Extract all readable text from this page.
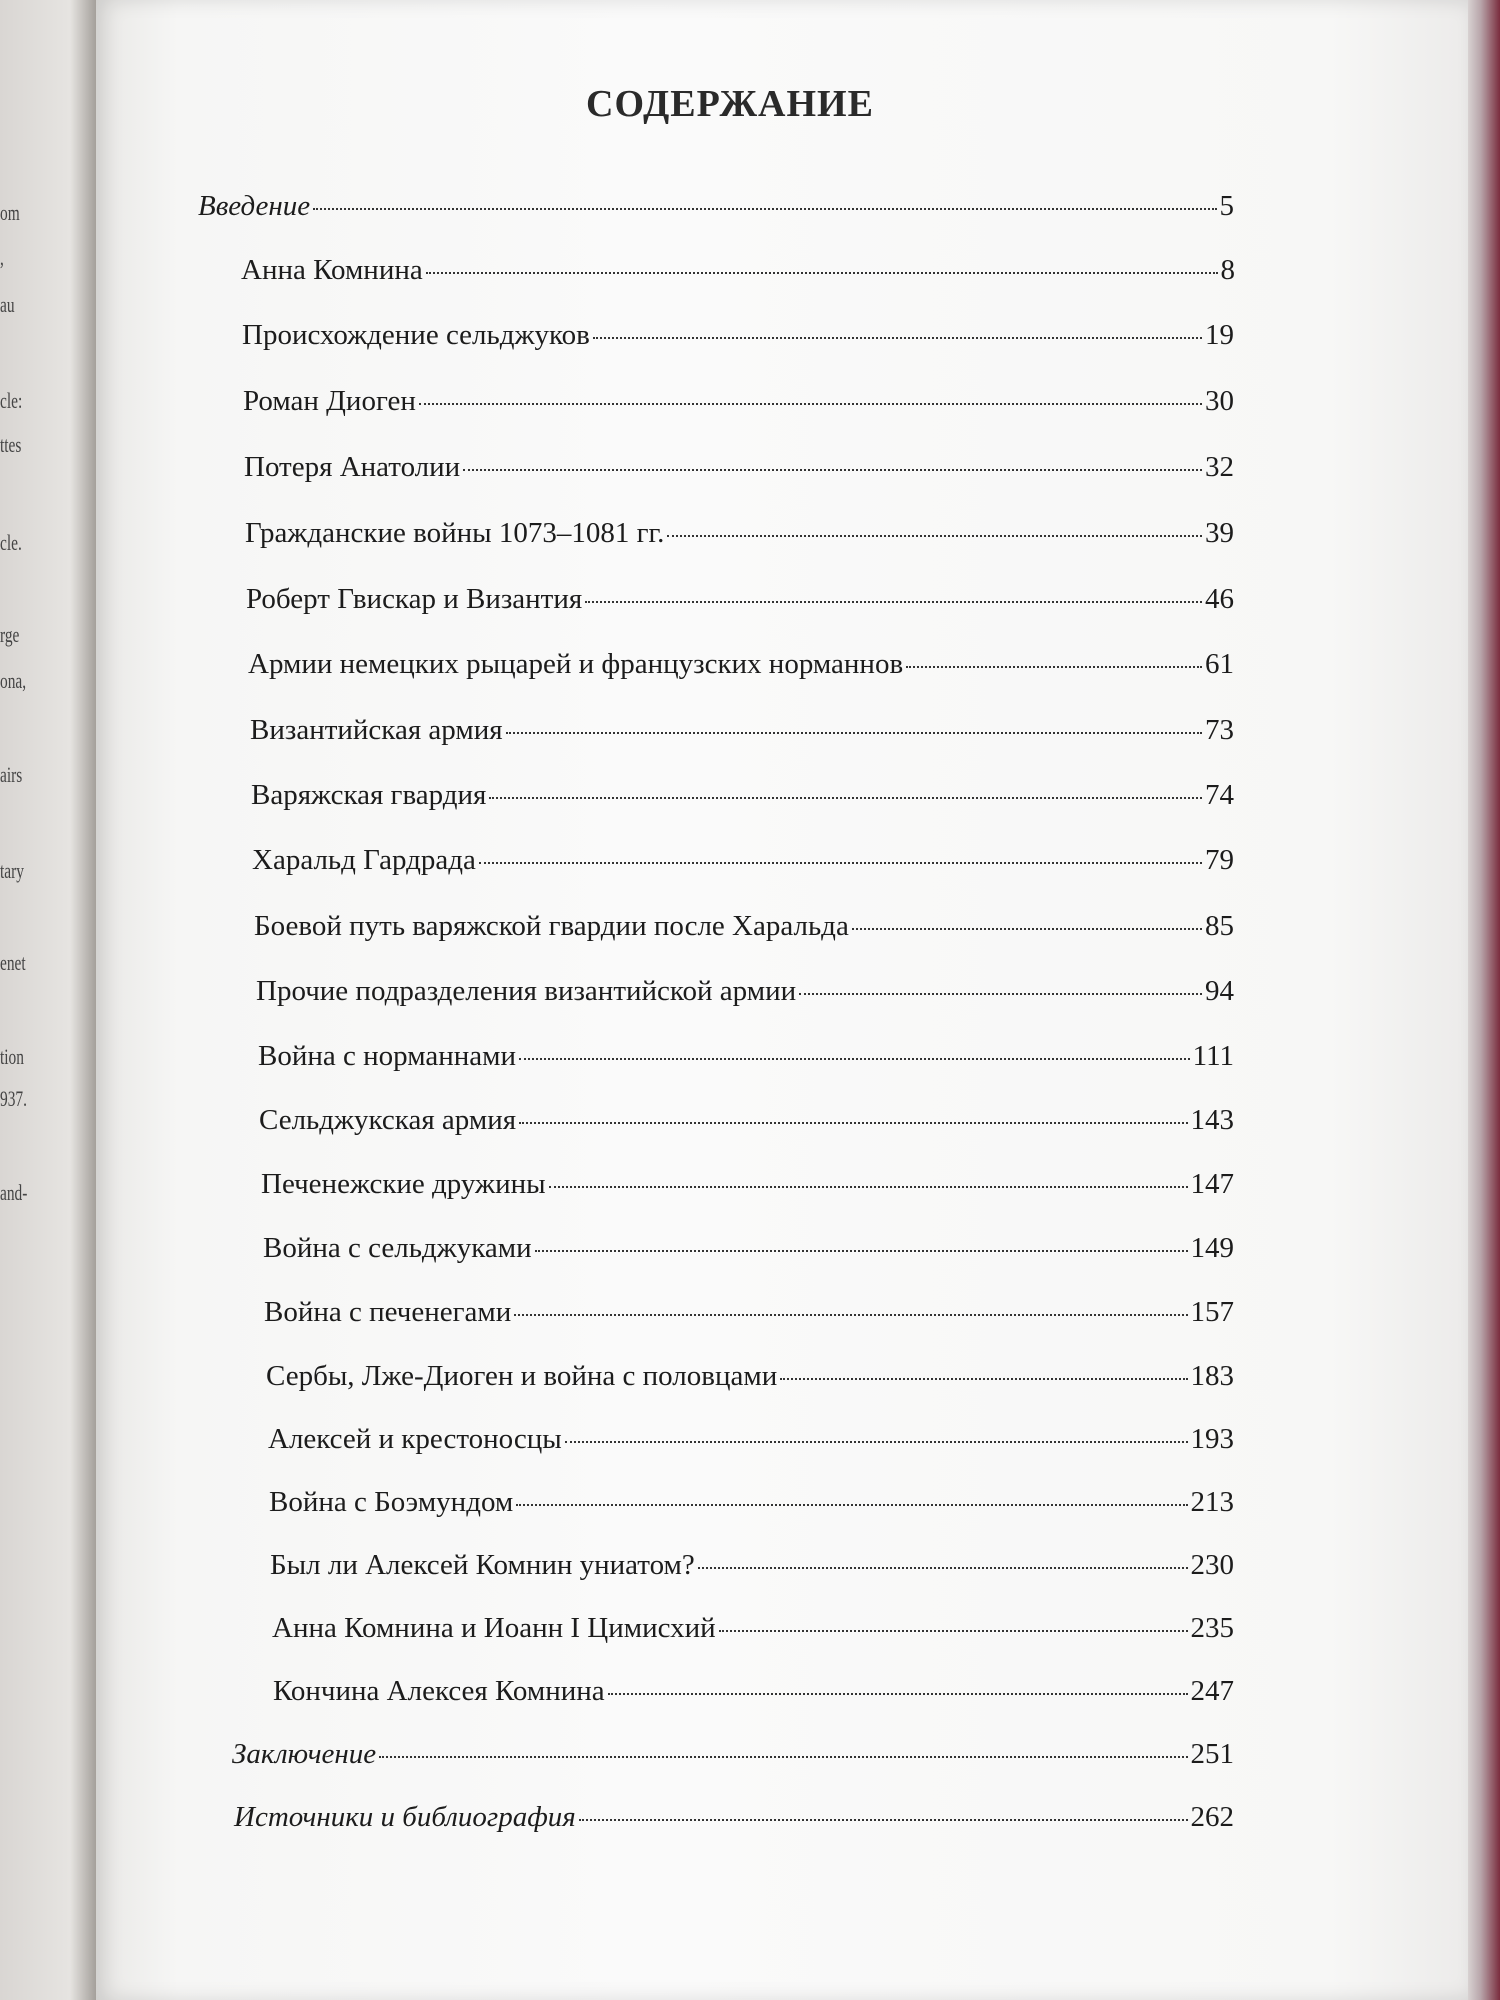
om
,
au
cle:
ttes
cle.
rge
ona,
airs
tary
enet
tion
937.
and-
СОДЕРЖАНИЕ
Введение	5
Анна Комнина	8
Происхождение сельджуков	19
Роман Диоген	30
Потеря Анатолии	32
Гражданские войны 1073–1081 гг.	39
Роберт Гвискар и Византия	46
Армии немецких рыцарей и французских норманнов	61
Византийская армия	73
Варяжская гвардия	74
Харальд Гардрада	79
Боевой путь варяжской гвардии после Харальда	85
Прочие подразделения византийской армии	94
Война с норманнами	111
Сельджукская армия	143
Печенежские дружины	147
Война с сельджуками	149
Война с печенегами	157
Сербы, Лже-Диоген и война с половцами	183
Алексей и крестоносцы	193
Война с Боэмундом	213
Был ли Алексей Комнин униатом?	230
Анна Комнина и Иоанн I Цимисхий	235
Кончина Алексея Комнина	247
Заключение	251
Источники и библиография	262
